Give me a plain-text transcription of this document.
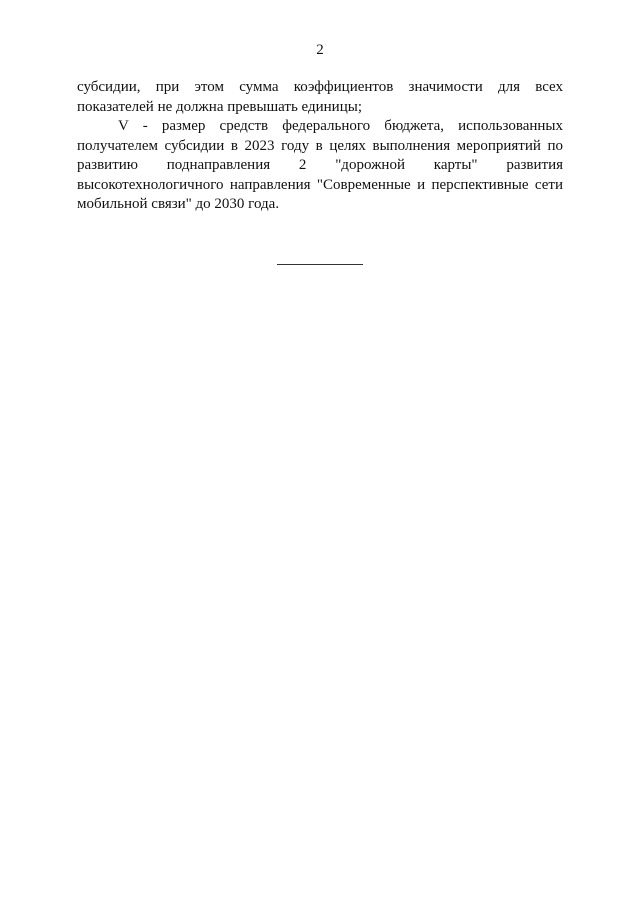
2
субсидии, при этом сумма коэффициентов значимости для всех
показателей не должна превышать единицы;
V - размер средств федерального бюджета, использованных
получателем субсидии в 2023 году в целях выполнения мероприятий по
развитию поднаправления 2 "дорожной карты" развития
высокотехнологичного направления "Современные и перспективные сети
мобильной связи" до 2030 года.
